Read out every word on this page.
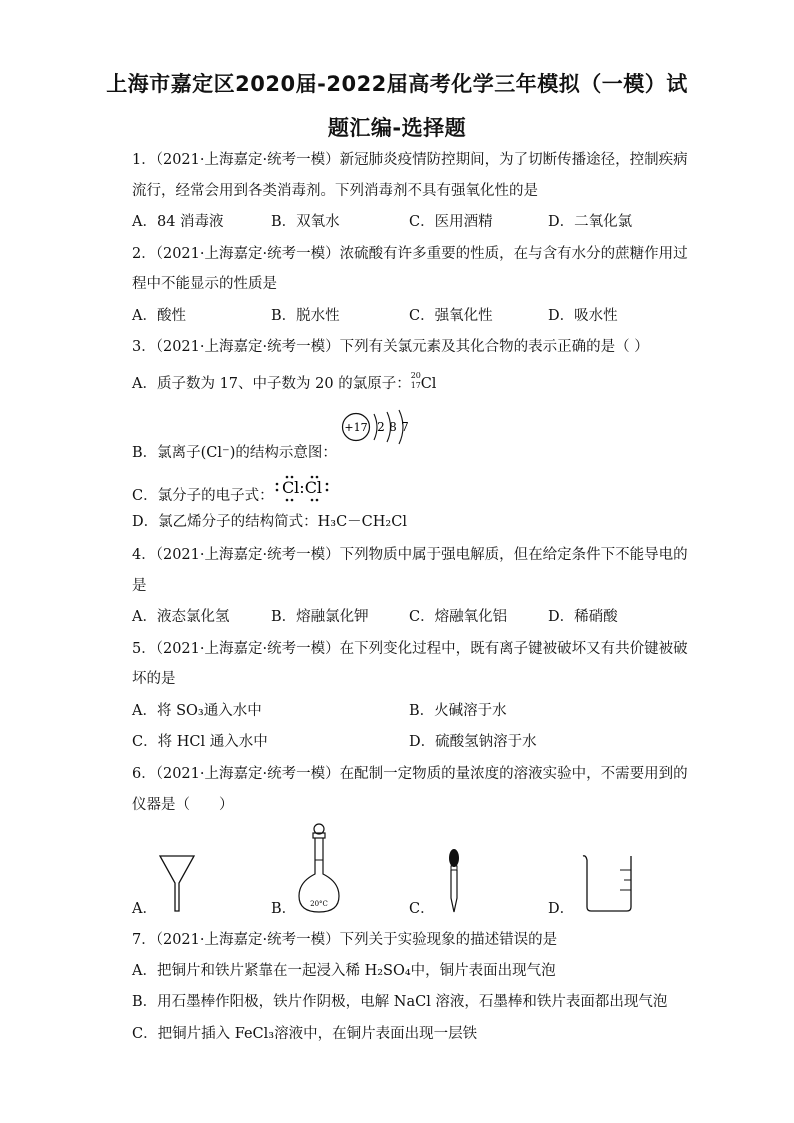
上海市嘉定区2020届-2022届高考化学三年模拟（一模）试
题汇编-选择题
1．（2021·上海嘉定·统考一模）新冠肺炎疫情防控期间，为了切断传播途径，控制疾病
流行，经常会用到各类消毒剂。下列消毒剂不具有强氧化性的是
A．84 消毒液	B．双氧水	C．医用酒精	D．二氧化氯
2．（2021·上海嘉定·统考一模）浓硫酸有许多重要的性质，在与含有水分的蔗糖作用过
程中不能显示的性质是
A．酸性	B．脱水性	C．强氧化性	D．吸水性
3．（2021·上海嘉定·统考一模）下列有关氯元素及其化合物的表示正确的是（ ）
A．质子数为 17、中子数为 20 的氯原子：
20
17 Cl
+17 2 8 7
B．氯离子(Cl⁻)的结构示意图：
C．氯分子的电子式： Cl:Cl
D．氯乙烯分子的结构简式：H₃C－CH₂Cl
4．（2021·上海嘉定·统考一模）下列物质中属于强电解质，但在给定条件下不能导电的
是
A．液态氯化氢	B．熔融氯化钾	C．熔融氧化铝	D．稀硝酸
5．（2021·上海嘉定·统考一模）在下列变化过程中，既有离子键被破坏又有共价键被破
坏的是
A．将 SO₃通入水中	B．火碱溶于水
C．将 HCl 通入水中	D．硫酸氢钠溶于水
6．（2021·上海嘉定·统考一模）在配制一定物质的量浓度的溶液实验中，不需要用到的
仪器是（　　）
A．	B． 20°C	C．	D．
7．（2021·上海嘉定·统考一模）下列关于实验现象的描述错误的是
A．把铜片和铁片紧靠在一起浸入稀 H₂SO₄中，铜片表面出现气泡
B．用石墨棒作阳极，铁片作阴极，电解 NaCl 溶液，石墨棒和铁片表面都出现气泡
C．把铜片插入 FeCl₃溶液中，在铜片表面出现一层铁
